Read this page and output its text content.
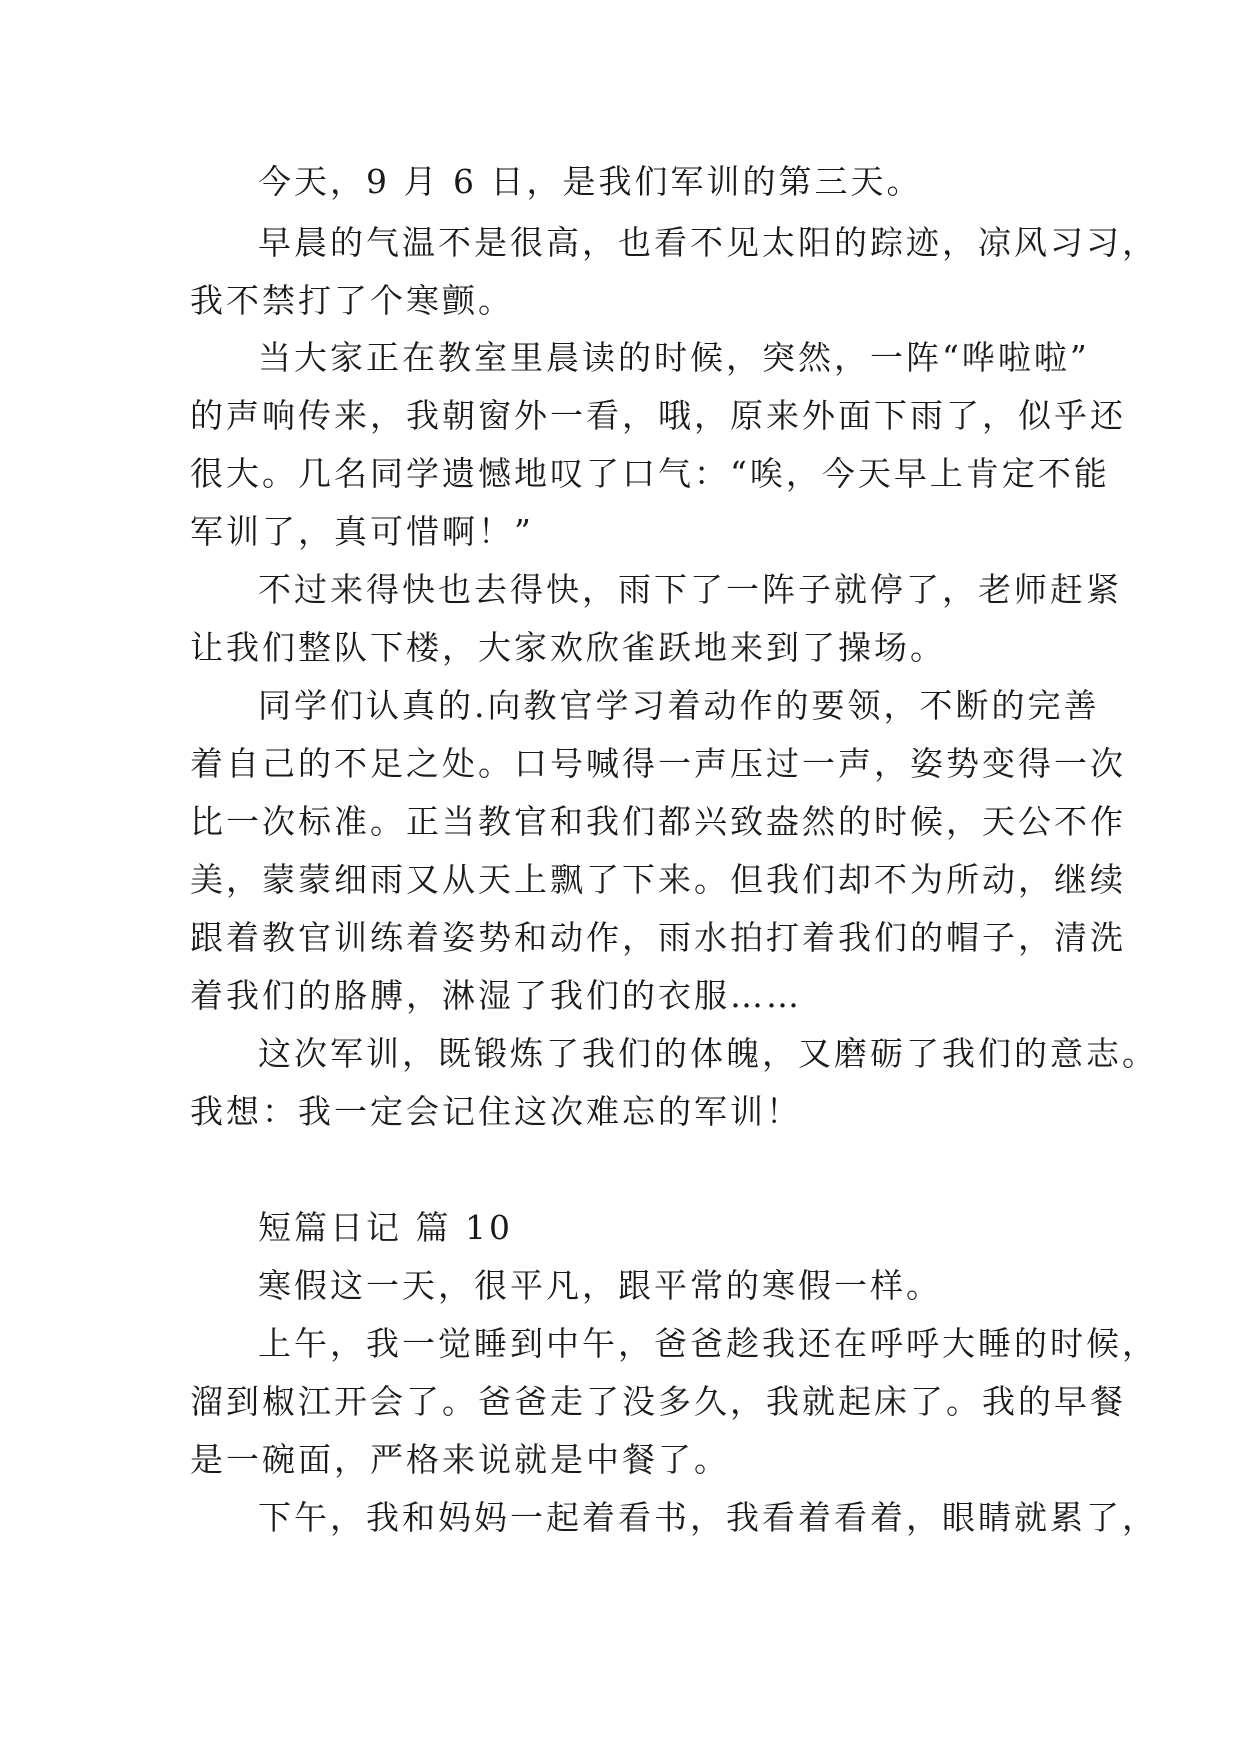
今天，9 月 6 日，是我们军训的第三天。
早晨的气温不是很高，也看不见太阳的踪迹，凉风习习，
我不禁打了个寒颤。
当大家正在教室里晨读的时候，突然，一阵“哗啦啦”
的声响传来，我朝窗外一看，哦，原来外面下雨了，似乎还
很大。几名同学遗憾地叹了口气：“唉，今天早上肯定不能
军训了，真可惜啊！”
不过来得快也去得快，雨下了一阵子就停了，老师赶紧
让我们整队下楼，大家欢欣雀跃地来到了操场。
同学们认真的.向教官学习着动作的要领，不断的完善
着自己的不足之处。口号喊得一声压过一声，姿势变得一次
比一次标准。正当教官和我们都兴致盎然的时候，天公不作
美，蒙蒙细雨又从天上飘了下来。但我们却不为所动，继续
跟着教官训练着姿势和动作，雨水拍打着我们的帽子，清洗
着我们的胳膊，淋湿了我们的衣服……
这次军训，既锻炼了我们的体魄，又磨砺了我们的意志。
我想：我一定会记住这次难忘的军训！
短篇日记 篇 10
寒假这一天，很平凡，跟平常的寒假一样。
上午，我一觉睡到中午，爸爸趁我还在呼呼大睡的时候，
溜到椒江开会了。爸爸走了没多久，我就起床了。我的早餐
是一碗面，严格来说就是中餐了。
下午，我和妈妈一起着看书，我看着看着，眼睛就累了，
